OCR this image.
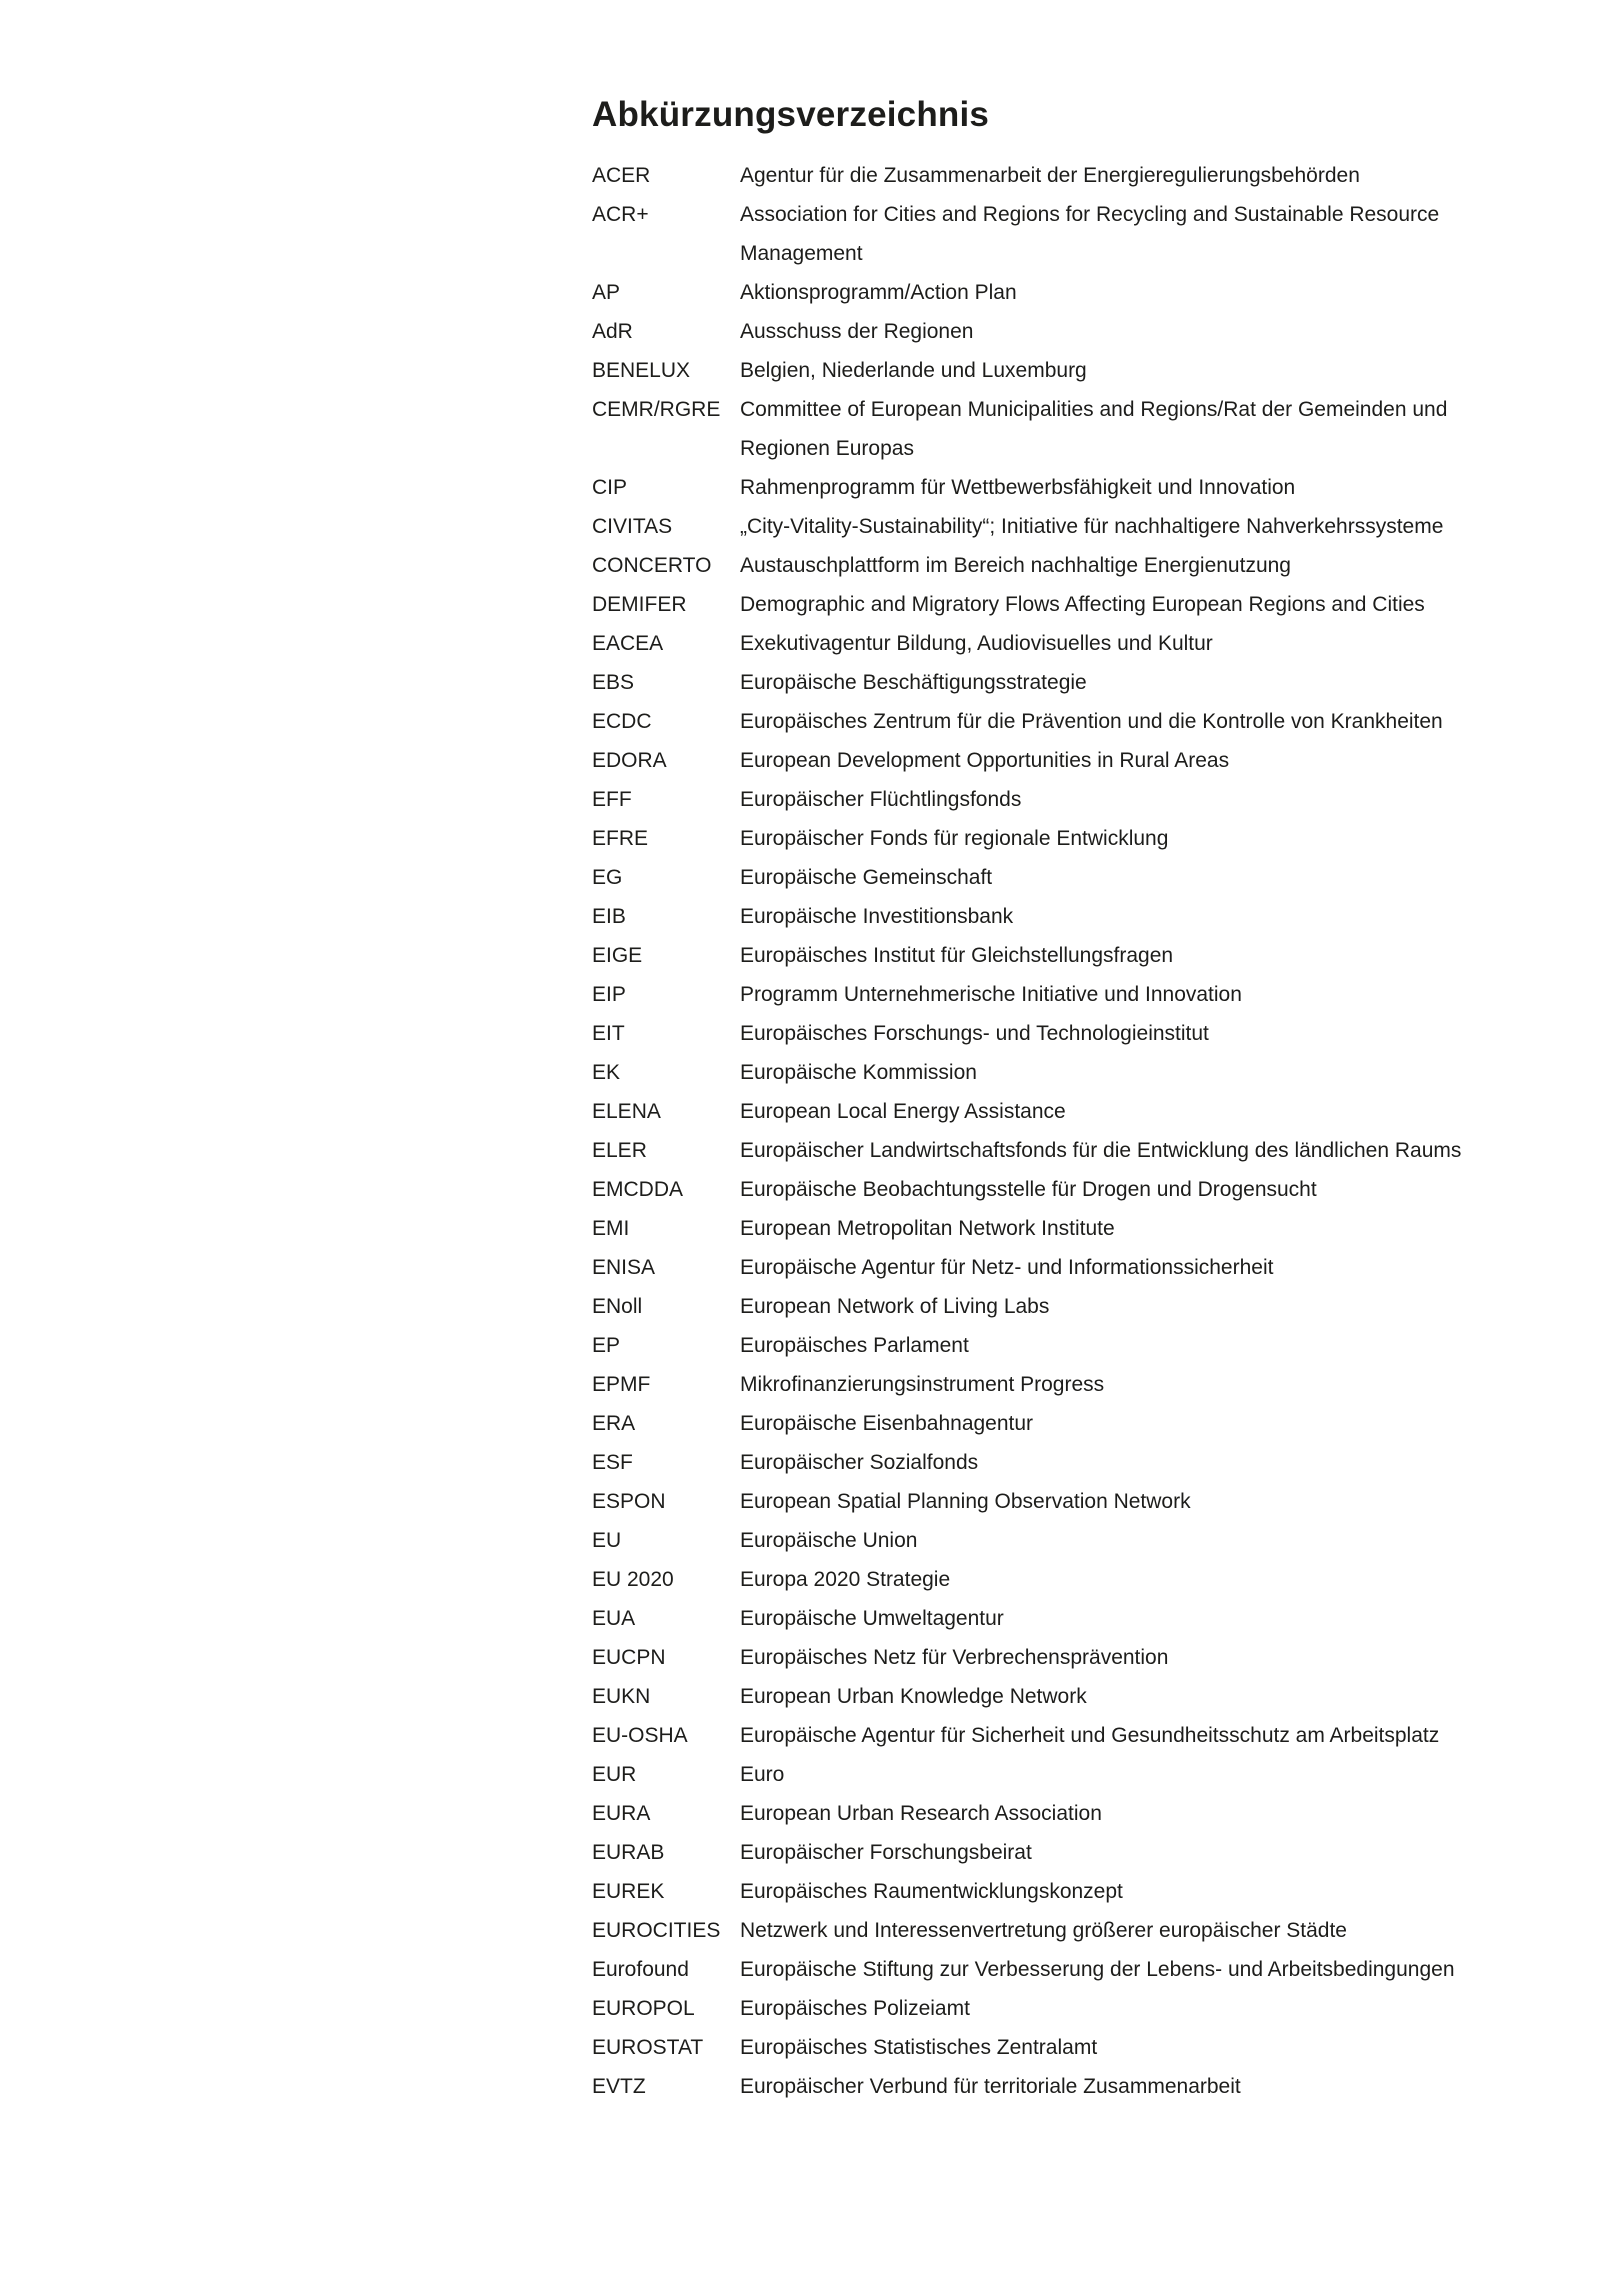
Abkürzungsverzeichnis
ACER	Agentur für die Zusammenarbeit der Energieregulierungsbehörden
ACR+	Association for Cities and Regions for Recycling and Sustainable Resource Management
AP	Aktionsprogramm/Action Plan
AdR	Ausschuss der Regionen
BENELUX	Belgien, Niederlande und Luxemburg
CEMR/RGRE Committee of European Municipalities and Regions/Rat der Gemeinden und Regionen Europas
CIP	Rahmenprogramm für Wettbewerbsfähigkeit und Innovation
CIVITAS	„City-Vitality-Sustainability“; Initiative für nachhaltigere Nahverkehrssysteme
CONCERTO	Austauschplattform im Bereich nachhaltige Energienutzung
DEMIFER	Demographic and Migratory Flows Affecting European Regions and Cities
EACEA	Exekutivagentur Bildung, Audiovisuelles und Kultur
EBS	Europäische Beschäftigungsstrategie
ECDC	Europäisches Zentrum für die Prävention und die Kontrolle von Krankheiten
EDORA	European Development Opportunities in Rural Areas
EFF	Europäischer Flüchtlingsfonds
EFRE	Europäischer Fonds für regionale Entwicklung
EG	Europäische Gemeinschaft
EIB	Europäische Investitionsbank
EIGE	Europäisches Institut für Gleichstellungsfragen
EIP	Programm Unternehmerische Initiative und Innovation
EIT	Europäisches Forschungs- und Technologieinstitut
EK	Europäische Kommission
ELENA	European Local Energy Assistance
ELER	Europäischer Landwirtschaftsfonds für die Entwicklung des ländlichen Raums
EMCDDA	Europäische Beobachtungsstelle für Drogen und Drogensucht
EMI	European Metropolitan Network Institute
ENISA	Europäische Agentur für Netz- und Informationssicherheit
ENoll	European Network of Living Labs
EP	Europäisches Parlament
EPMF	Mikrofinanzierungsinstrument Progress
ERA	Europäische Eisenbahnagentur
ESF	Europäischer Sozialfonds
ESPON	European Spatial Planning Observation Network
EU	Europäische Union
EU 2020	Europa 2020 Strategie
EUA	Europäische Umweltagentur
EUCPN	Europäisches Netz für Verbrechensprävention
EUKN	European Urban Knowledge Network
EU-OSHA	Europäische Agentur für Sicherheit und Gesundheitsschutz am Arbeitsplatz
EUR	Euro
EURA	European Urban Research Association
EURAB	Europäischer Forschungsbeirat
EUREK	Europäisches Raumentwicklungskonzept
EUROCITIES Netzwerk und Interessenvertretung größerer europäischer Städte
Eurofound	Europäische Stiftung zur Verbesserung der Lebens- und Arbeitsbedingungen
EUROPOL	Europäisches Polizeiamt
EUROSTAT	Europäisches Statistisches Zentralamt
EVTZ	Europäischer Verbund für territoriale Zusammenarbeit
